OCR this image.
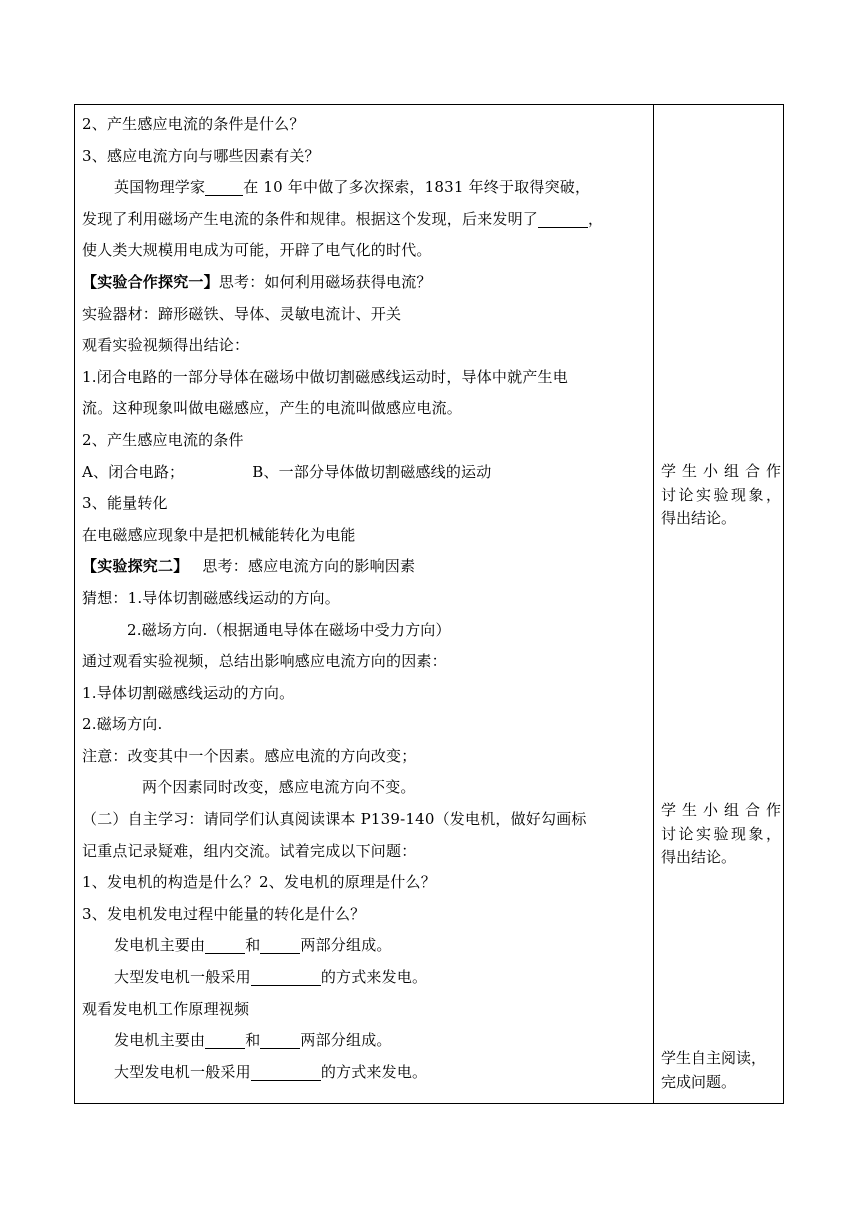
2、产生感应电流的条件是什么？
3、感应电流方向与哪些因素有关？
英国物理学家	在 10 年中做了多次探索，1831 年终于取得突破，
发现了利用磁场产生电流的条件和规律。根据这个发现，后来发明了	，
使人类大规模用电成为可能，开辟了电气化的时代。
【实验合作探究一】思考：如何利用磁场获得电流？
实验器材：蹄形磁铁、导体、灵敏电流计、开关
观看实验视频得出结论：
1.闭合电路的一部分导体在磁场中做切割磁感线运动时，导体中就产生电
流。这种现象叫做电磁感应，产生的电流叫做感应电流。
2、产生感应电流的条件
A、闭合电路；	B、一部分导体做切割磁感线的运动
3、能量转化
在电磁感应现象中是把机械能转化为电能
【实验探究二】 思考：感应电流方向的影响因素
猜想：1.导体切割磁感线运动的方向。
2.磁场方向.（根据通电导体在磁场中受力方向）
通过观看实验视频，总结出影响感应电流方向的因素：
1.导体切割磁感线运动的方向。
2.磁场方向.
注意：改变其中一个因素。感应电流的方向改变；
两个因素同时改变，感应电流方向不变。
（二）自主学习：请同学们认真阅读课本 P139-140（发电机，做好勾画标
记重点记录疑难，组内交流。试着完成以下问题：
1、发电机的构造是什么？2、发电机的原理是什么？
3、发电机发电过程中能量的转化是什么？
发电机主要由	和	两部分组成。
大型发电机一般采用	的方式来发电。
观看发电机工作原理视频
发电机主要由	和	两部分组成。
大型发电机一般采用	的方式来发电。
学生小组合作
讨论实验现象，
得出结论。
学生小组合作
讨论实验现象，
得出结论。
学生自主阅读，
完成问题。
